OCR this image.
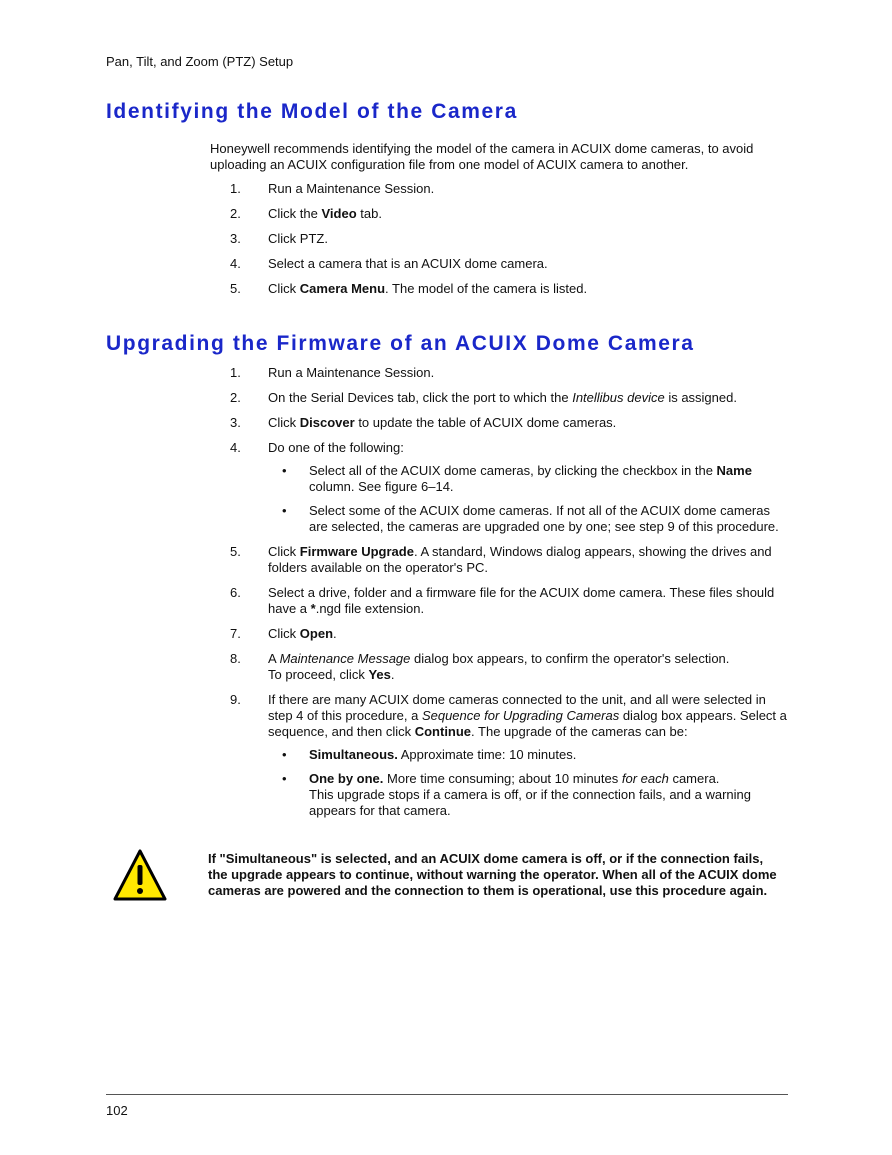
Pan, Tilt, and Zoom (PTZ) Setup
Identifying the Model of the Camera
Honeywell recommends identifying the model of the camera in ACUIX dome cameras, to avoid uploading an ACUIX configuration file from one model of ACUIX camera to another.
1. Run a Maintenance Session.
2. Click the Video tab.
3. Click PTZ.
4. Select a camera that is an ACUIX dome camera.
5. Click Camera Menu. The model of the camera is listed.
Upgrading the Firmware of an ACUIX Dome Camera
1. Run a Maintenance Session.
2. On the Serial Devices tab, click the port to which the Intellibus device is assigned.
3. Click Discover to update the table of ACUIX dome cameras.
4. Do one of the following:
• Select all of the ACUIX dome cameras, by clicking the checkbox in the Name column. See figure 6–14.
• Select some of the ACUIX dome cameras. If not all of the ACUIX dome cameras are selected, the cameras are upgraded one by one; see step 9 of this procedure.
5. Click Firmware Upgrade. A standard, Windows dialog appears, showing the drives and folders available on the operator's PC.
6. Select a drive, folder and a firmware file for the ACUIX dome camera. These files should have a *.ngd file extension.
7. Click Open.
8. A Maintenance Message dialog box appears, to confirm the operator's selection.
To proceed, click Yes.
9. If there are many ACUIX dome cameras connected to the unit, and all were selected in step 4 of this procedure, a Sequence for Upgrading Cameras dialog box appears. Select a sequence, and then click Continue. The upgrade of the cameras can be:
• Simultaneous. Approximate time: 10 minutes.
• One by one. More time consuming; about 10 minutes for each camera.
This upgrade stops if a camera is off, or if the connection fails, and a warning appears for that camera.
If "Simultaneous" is selected, and an ACUIX dome camera is off, or if the connection fails, the upgrade appears to continue, without warning the operator. When all of the ACUIX dome cameras are powered and the connection to them is operational, use this procedure again.
102
